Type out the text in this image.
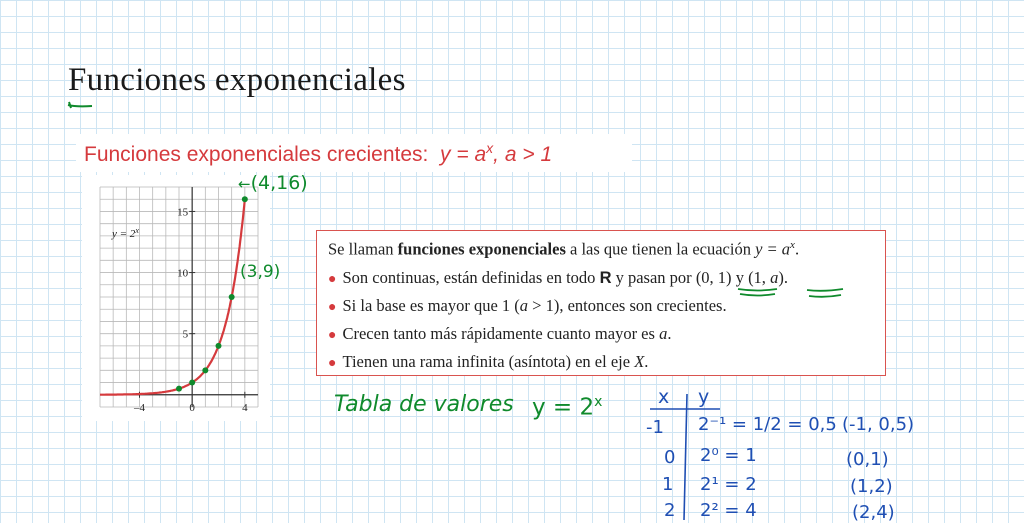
Funciones exponenciales
Funciones exponenciales crecientes: $y = a^x$, a > 1
$y = 2^x$
15
10
5
–4	0	4
←(4,16)
(3,9)
Se llaman funciones exponenciales a las que tienen la ecuación $y = a^x$.
● Son continuas, están definidas en todo R y pasan por (0, 1) y (1, a).
● Si la base es mayor que 1 (a > 1), entonces son crecientes.
● Crecen tanto más rápidamente cuanto mayor es a.
● Tienen una rama infinita (asíntota) en el eje X.
Tabla de valores $y = 2^x$	x y
-1 2⁻¹ = 1/2 = 0,5 (-1, 0,5)
0 2⁰ = 1	(0,1)
1 2¹ = 2	(1,2)
2 2² = 4	(2,4)
